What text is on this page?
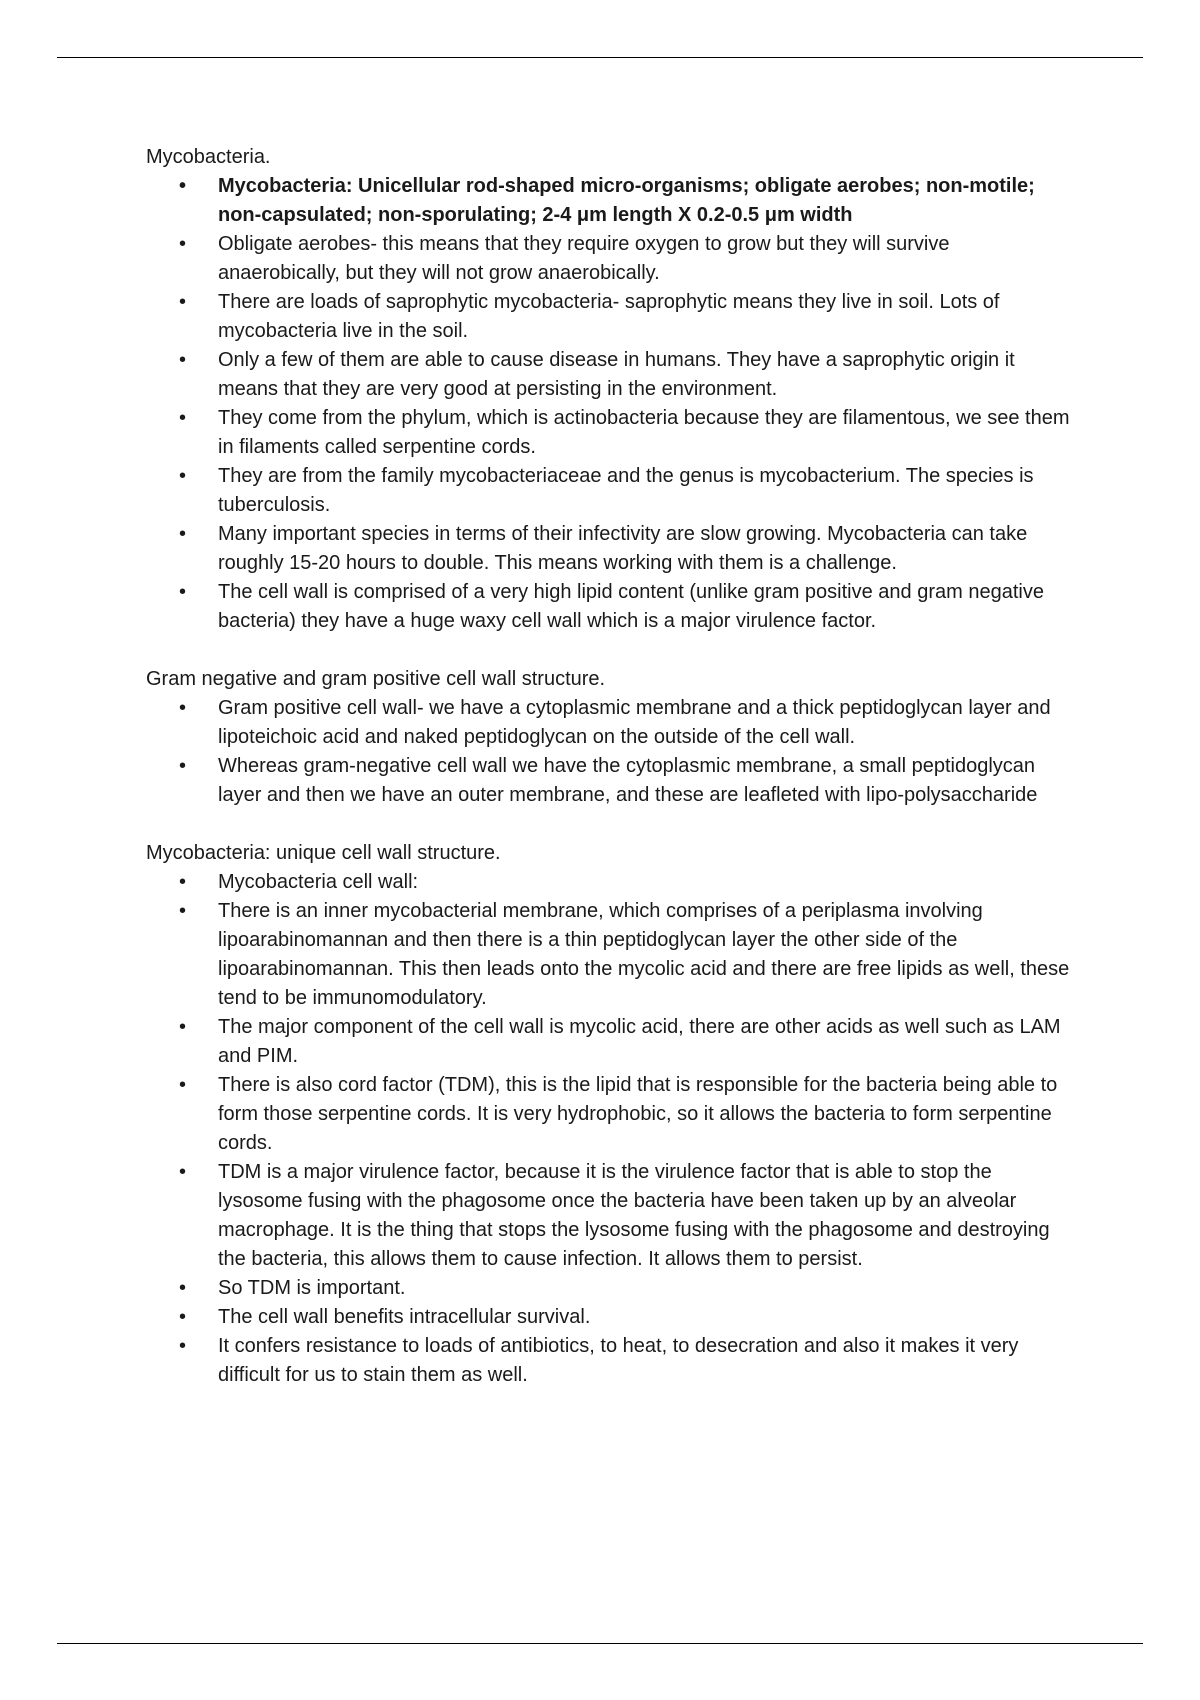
Mycobacteria.

• Mycobacteria: Unicellular rod-shaped micro-organisms; obligate aerobes; non-motile; non-capsulated; non-sporulating; 2-4 μm length X 0.2-0.5 μm width
• Obligate aerobes- this means that they require oxygen to grow but they will survive anaerobically, but they will not grow anaerobically.
• There are loads of saprophytic mycobacteria- saprophytic means they live in soil. Lots of mycobacteria live in the soil.
• Only a few of them are able to cause disease in humans. They have a saprophytic origin it means that they are very good at persisting in the environment.
• They come from the phylum, which is actinobacteria because they are filamentous, we see them in filaments called serpentine cords.
• They are from the family mycobacteriaceae and the genus is mycobacterium. The species is tuberculosis.
• Many important species in terms of their infectivity are slow growing. Mycobacteria can take roughly 15-20 hours to double. This means working with them is a challenge.
• The cell wall is comprised of a very high lipid content (unlike gram positive and gram negative bacteria) they have a huge waxy cell wall which is a major virulence factor.

Gram negative and gram positive cell wall structure.

• Gram positive cell wall- we have a cytoplasmic membrane and a thick peptidoglycan layer and lipoteichoic acid and naked peptidoglycan on the outside of the cell wall.
• Whereas gram-negative cell wall we have the cytoplasmic membrane, a small peptidoglycan layer and then we have an outer membrane, and these are leafleted with lipo-polysaccharide

Mycobacteria: unique cell wall structure.

• Mycobacteria cell wall:
• There is an inner mycobacterial membrane, which comprises of a periplasma involving lipoarabinomannan and then there is a thin peptidoglycan layer the other side of the lipoarabinomannan. This then leads onto the mycolic acid and there are free lipids as well, these tend to be immunomodulatory.
• The major component of the cell wall is mycolic acid, there are other acids as well such as LAM and PIM.
• There is also cord factor (TDM), this is the lipid that is responsible for the bacteria being able to form those serpentine cords. It is very hydrophobic, so it allows the bacteria to form serpentine cords.
• TDM is a major virulence factor, because it is the virulence factor that is able to stop the lysosome fusing with the phagosome once the bacteria have been taken up by an alveolar macrophage. It is the thing that stops the lysosome fusing with the phagosome and destroying the bacteria, this allows them to cause infection. It allows them to persist.
• So TDM is important.
• The cell wall benefits intracellular survival.
• It confers resistance to loads of antibiotics, to heat, to desecration and also it makes it very difficult for us to stain them as well.
